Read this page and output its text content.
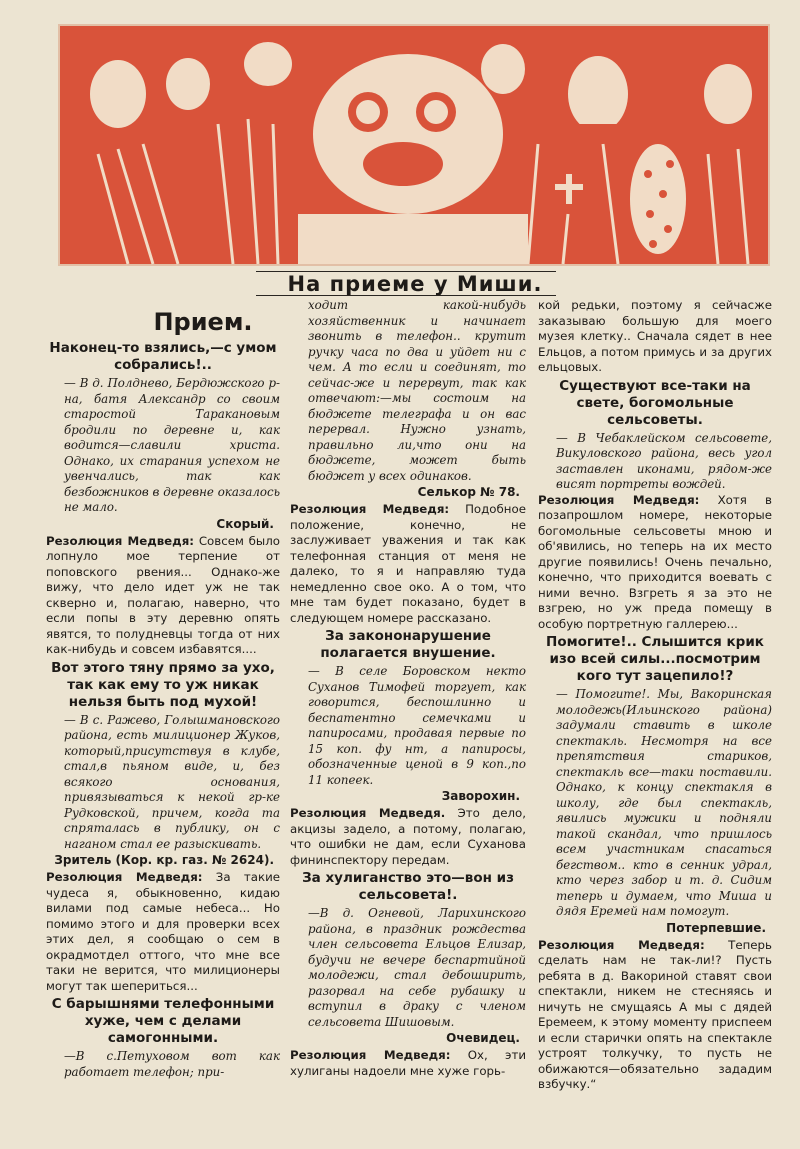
На приеме у Миши.
Прием.
Наконец-то взялись,—с умом собрались!..

— В д. Полднево, Бердюжского р-на, батя Александр со своим старостой Таракановым бродили по деревне и, как водится—славили христа. Однако, их старания успехом не увенчались, так как безбожников в деревне оказалось не мало.

Скорый.

Резолюция Медведя: Совсем было лопнуло мое терпение от поповского рвения... Однако-же вижу, что дело идет уж не так скверно и, полагаю, наверно, что если попы в эту деревню опять явятся, то полудневцы тогда от них как-нибудь и совсем избавятся....

Вот этого тяну прямо за ухо, так как ему то уж никак нельзя быть под мухой!

— В с. Ражево, Голышмановского района, есть милиционер Жуков, который,присутствуя в клубе, стал,в пьяном виде, и, без всякого основания, привязываться к некой гр-ке Рудковской, причем, когда та спряталась в публику, он с наганом стал ее разыскивать.

Зритель (Кор. кр. газ. № 2624).

Резолюция Медведя: За такие чудеса я, обыкновенно, кидаю вилами под самые небеса... Но помимо этого и для проверки всех этих дел, я сообщаю о сем в окрадмотдел оттого, что мне все таки не верится, что милиционеры могут так шепериться...

С барышнями телефонными хуже, чем с делами самогонными.

—В с.Петуховом вот как работает телефон; при-

ходит какой-нибудь хозяйственник и начинает звонить в телефон.. крутит ручку часа по два и уйдет ни с чем. А то если и соединят, то сейчас-же и перервут, так как отвечают:—мы состоим на бюджете телеграфа и он вас перервал. Нужно узнать, правильно ли,что они на бюджете, может быть бюджет у всех одинаков.

Селькор № 78.

Резолюция Медведя: Подобное положение, конечно, не заслуживает уважения и так как телефонная станция от меня не далеко, то я и направляю туда немедленно свое око. А о том, что мне там будет показано, будет в следующем номере рассказано.

За закононарушение полагается внушение.

— В селе Боровском некто Суханов Тимофей торгует, как говорится, беспошлинно и беспатентно семечками и папиросами, продавая первые по 15 коп. фу нт, а папиросы, обозначенные ценой в 9 коп.,по 11 копеек.

Заворохин.

Резолюция Медведя. Это дело, акцизы задело, а потому, полагаю, что ошибки не дам, если Суханова фининспектору передам.

За хулиганство это—вон из сельсовета!.

—В д. Огневой, Ларихинского района, в праздник рождества член сельсовета Ельцов Елизар, будучи не вечере беспартийной молодежи, стал дебоширить, разорвал на себе рубашку и вступил в драку с членом сельсовета Шишовым.

Очевидец.

Резолюция Медведя: Ох, эти хулиганы надоели мне хуже горь-

кой редьки, поэтому я сейчасже заказываю большую для моего музея клетку.. Сначала сядет в нее Ельцов, а потом примусь и за других ельцовых.

Существуют все-таки на свете, богомольные сельсоветы.

— В Чебаклейском сельсовете, Викуловского района, весь угол заставлен иконами, рядом-же висят портреты вождей.

Резолюция Медведя: Хотя в позапрошлом номере, некоторые богомольные сельсоветы мною и об'явились, но теперь на их место другие появились! Очень печально, конечно, что приходится воевать с ними вечно. Взгреть я за это не взгрею, но уж преда помещу в особую портретную галлерею...

Помогите!.. Слышится крик изо всей силы...посмотрим кого тут зацепило!?

— Помогите!. Мы, Вакоринская молодежь(Ильинского района) задумали ставить в школе спектакль. Несмотря на все препятствия стариков, спектакль все—таки поставили. Однако, к концу спектакля в школу, где был спектакль, явились мужики и подняли такой скандал, что пришлось всем участникам спасаться бегством.. кто в сенник удрал, кто через забор и т. д. Сидим теперь и думаем, что Миша и дядя Еремей нам помогут.

Потерпевшие.

Резолюция Медведя: Теперь сделать нам не так-ли!? Пусть ребята в д. Вакориной ставят свои спектакли, никем не стесняясь и ничуть не смущаясь А мы с дядей Еремеем, к этому моменту приспеем и если старички опять на спектакле устроят толкучку, то пусть не обижаются—обязательно зададим взбучку.“
